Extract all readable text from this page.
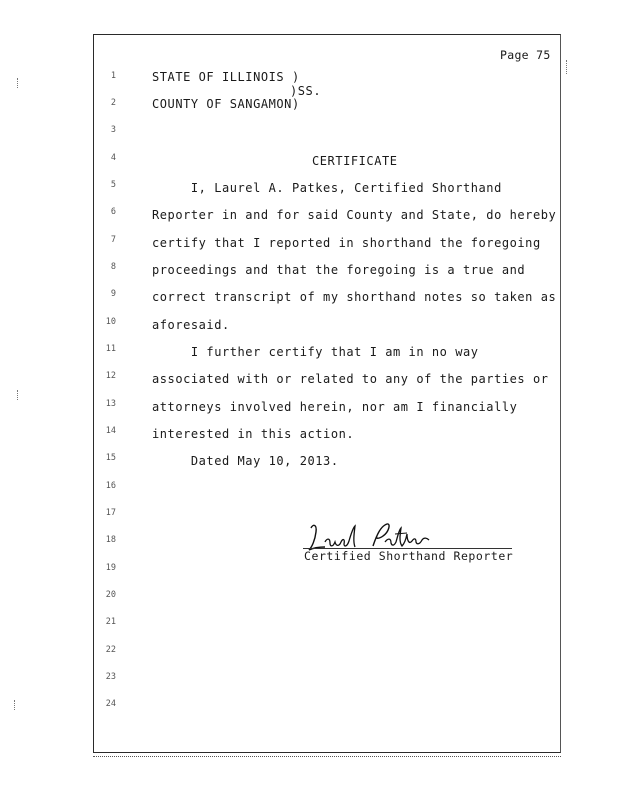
Page 75
1
2
3
4
5
6
7
8
9
10
11
12
13
14
15
16
17
18
19
20
21
22
23
24
STATE OF ILLINOIS )
)SS.
COUNTY OF SANGAMON)
CERTIFICATE
I, Laurel A. Patkes, Certified Shorthand
Reporter in and for said County and State, do hereby
certify that I reported in shorthand the foregoing
proceedings and that the foregoing is a true and
correct transcript of my shorthand notes so taken as
aforesaid.
I further certify that I am in no way
associated with or related to any of the parties or
attorneys involved herein, nor am I financially
interested in this action.
Dated May 10, 2013.
Certified Shorthand Reporter
